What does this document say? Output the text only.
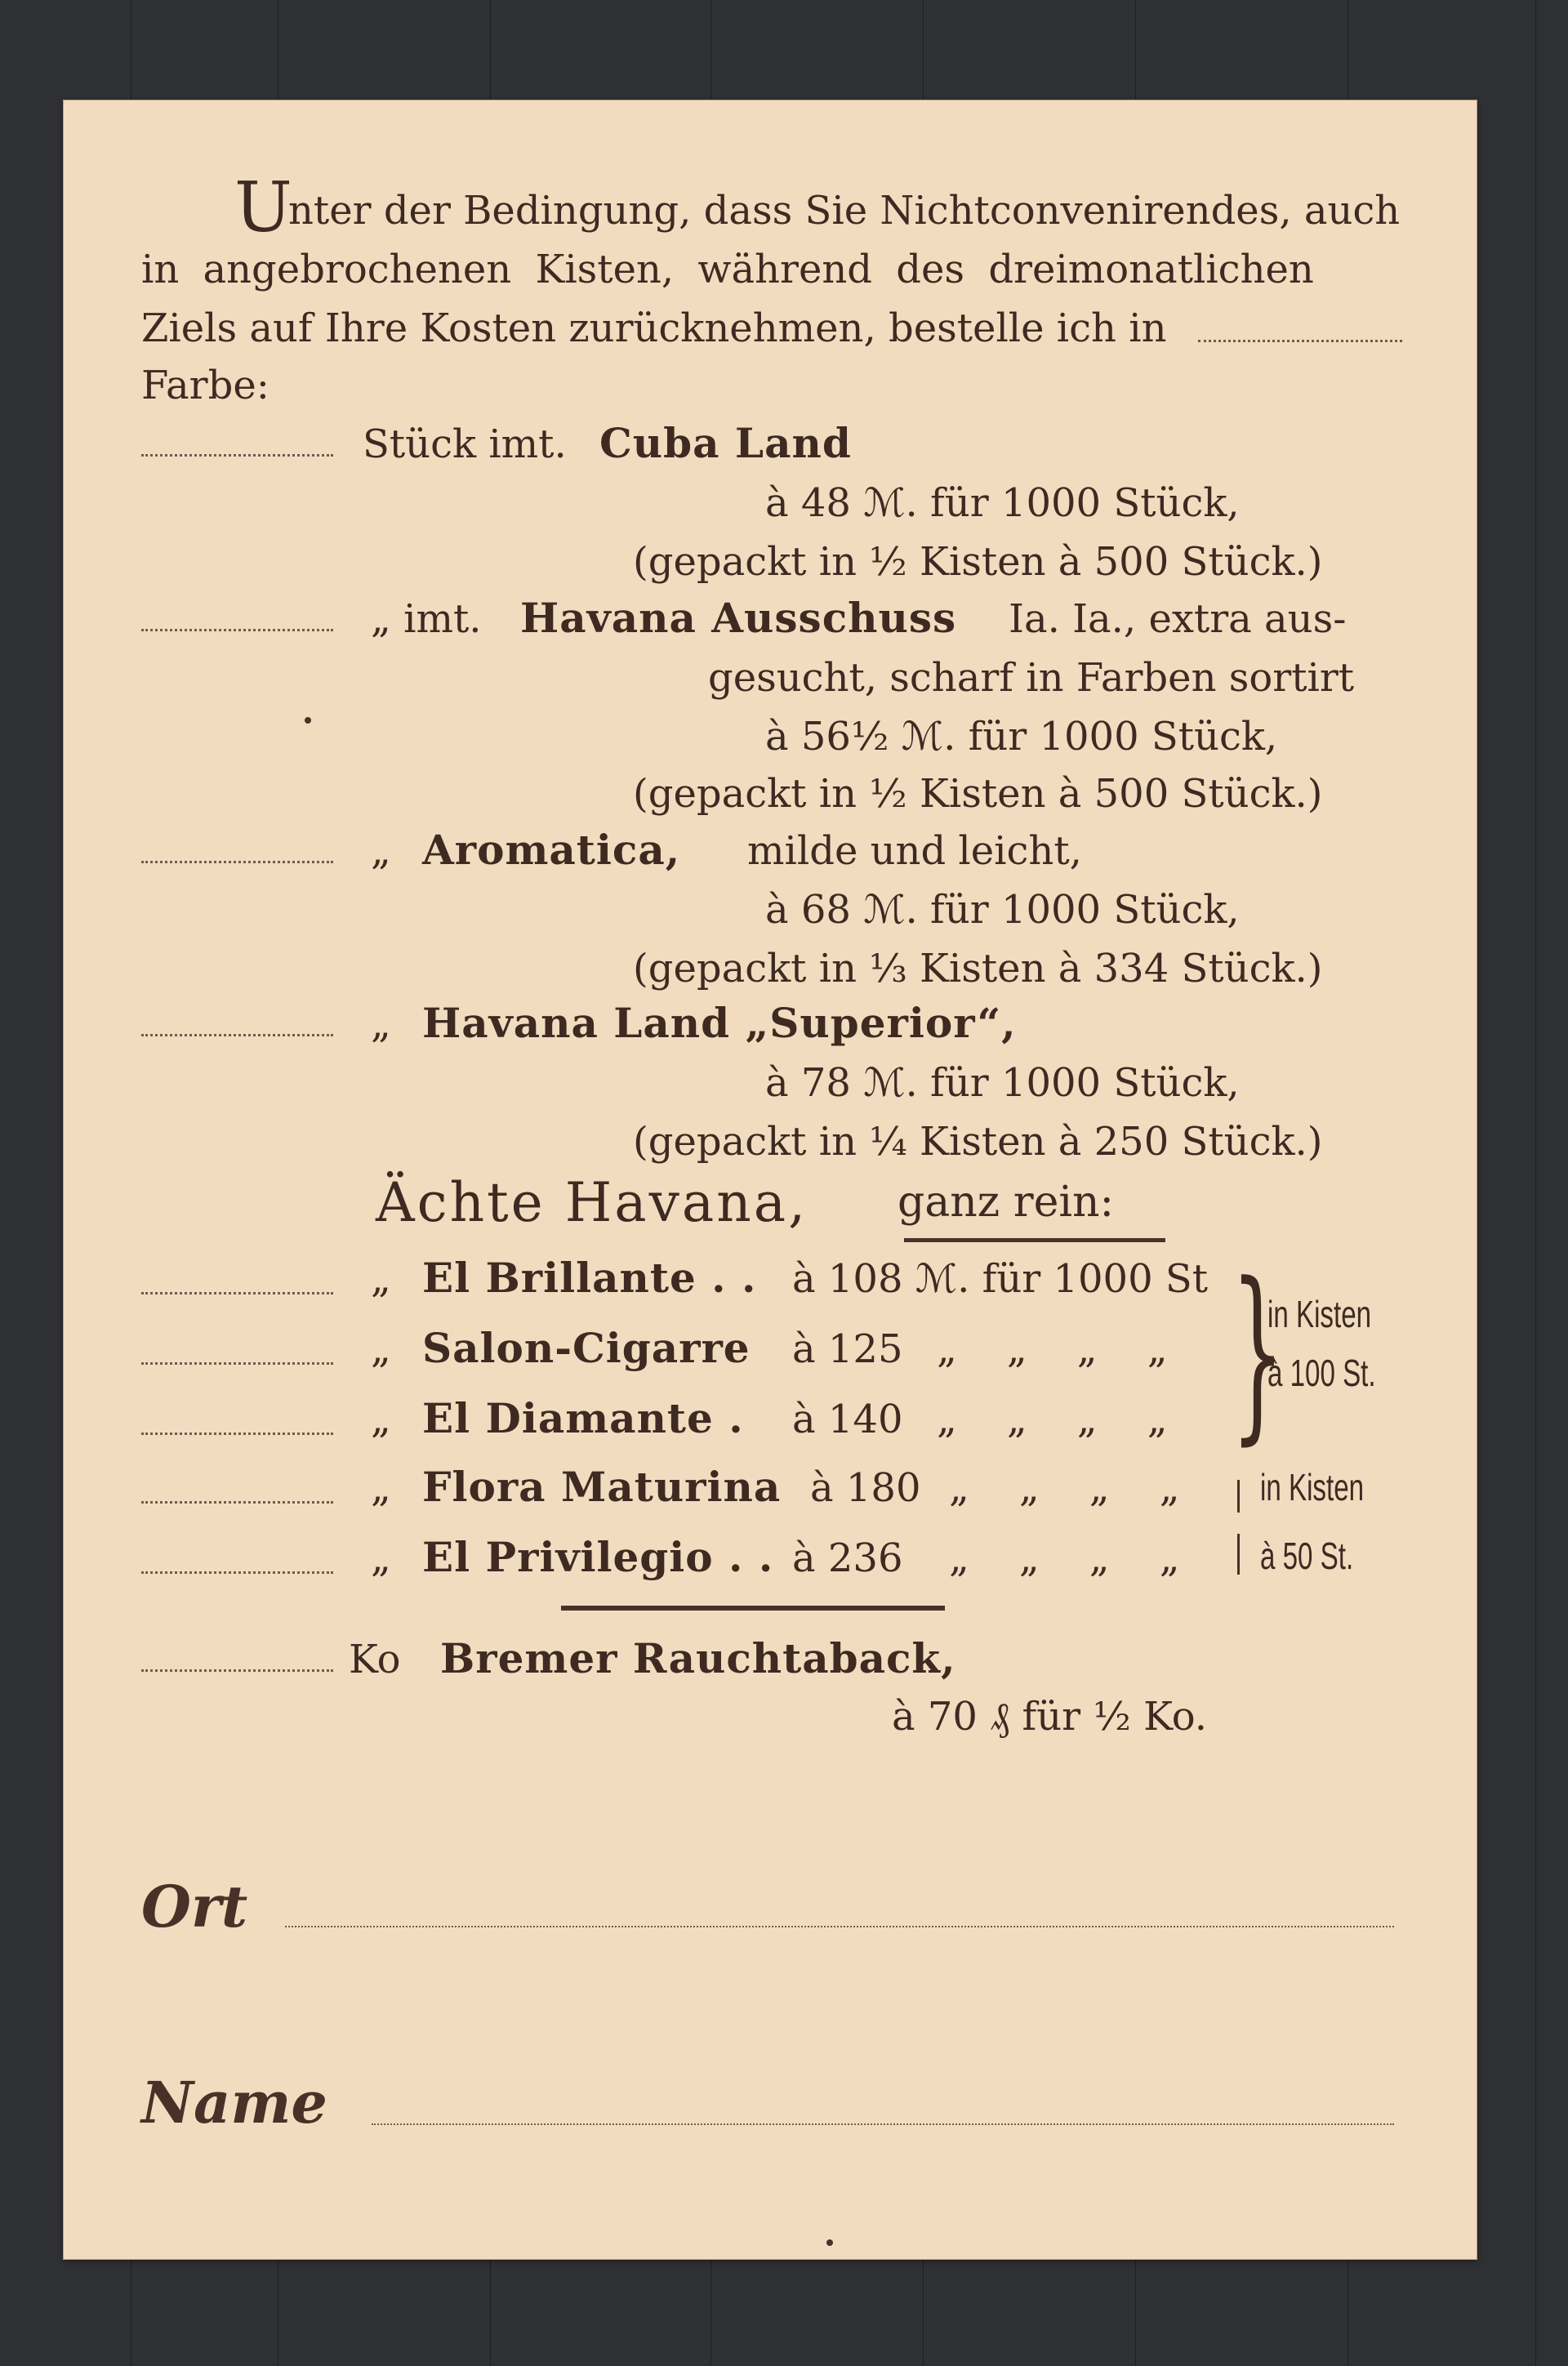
U
nter der Bedingung, dass Sie Nichtconvenirendes, auch
in angebrochenen Kisten, während des dreimonatlichen
Ziels auf Ihre Kosten zurücknehmen, bestelle ich in
Farbe:
Stück imt. Cuba Land
à 48 ℳ. für 1000 Stück,
(gepackt in ½ Kisten à 500 Stück.)
„ imt. Havana Ausschuss Ia. Ia., extra aus-
gesucht, scharf in Farben sortirt
à 56½ ℳ. für 1000 Stück,
(gepackt in ½ Kisten à 500 Stück.)
„ Aromatica, milde und leicht,
à 68 ℳ. für 1000 Stück,
(gepackt in ⅓ Kisten à 334 Stück.)
„ Havana Land „Superior“,
à 78 ℳ. für 1000 Stück,
(gepackt in ¼ Kisten à 250 Stück.)
Ächte Havana, ganz rein:
„ El Brillante . . à 108 ℳ. für 1000 St
„ Salon-Cigarre à 125 „    „    „    „
„ El Diamante . à 140 „    „    „    „
„ Flora Maturina à 180 „    „    „    „
„ El Privilegio . . à 236 „    „    „    „
}
in Kisten
à 100 St.
in Kisten
à 50 St.
Ko Bremer Rauchtaback,
à 70 ₰ für ½ Ko.
Ort
Name
